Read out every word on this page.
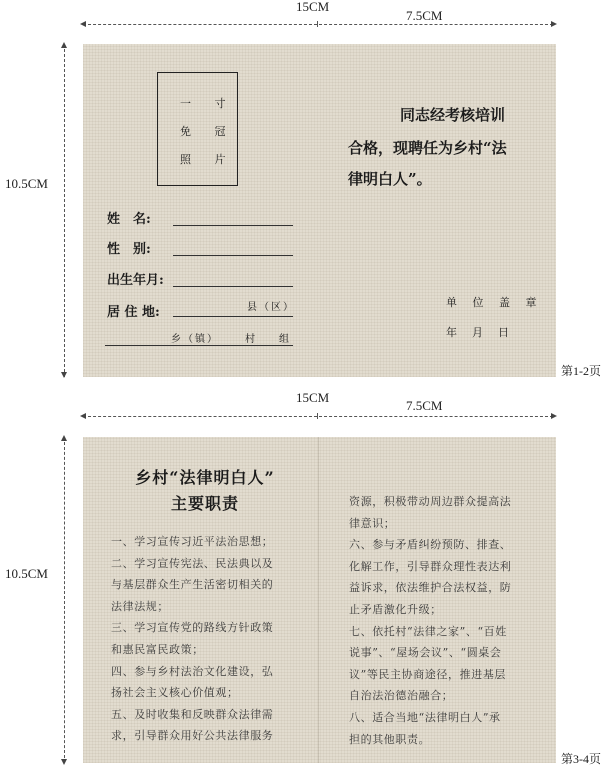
15CM
7.5CM
10.5CM
一 寸
免 冠
照 片
姓　名:
性　别:
出生年月:
居 住 地:	县（区）
乡（镇）	村 组
同志经考核培训
合格，现聘任为乡村“法
律明白人”。
单 位 盖 章
年　月　日
第1-2页
15CM
7.5CM
10.5CM
乡村“法律明白人”
主要职责
一、学习宣传习近平法治思想；
二、学习宣传宪法、民法典以及
与基层群众生产生活密切相关的
法律法规；
三、学习宣传党的路线方针政策
和惠民富民政策；
四、参与乡村法治文化建设，弘
扬社会主义核心价值观；
五、及时收集和反映群众法律需
求，引导群众用好公共法律服务
资源，积极带动周边群众提高法
律意识；
六、参与矛盾纠纷预防、排查、
化解工作，引导群众理性表达利
益诉求，依法维护合法权益，防
止矛盾激化升级；
七、依托村“法律之家”、“百姓
说事”、“屋场会议”、“圆桌会
议”等民主协商途径，推进基层
自治法治德治融合；
八、适合当地“法律明白人”承
担的其他职责。
第3-4页
